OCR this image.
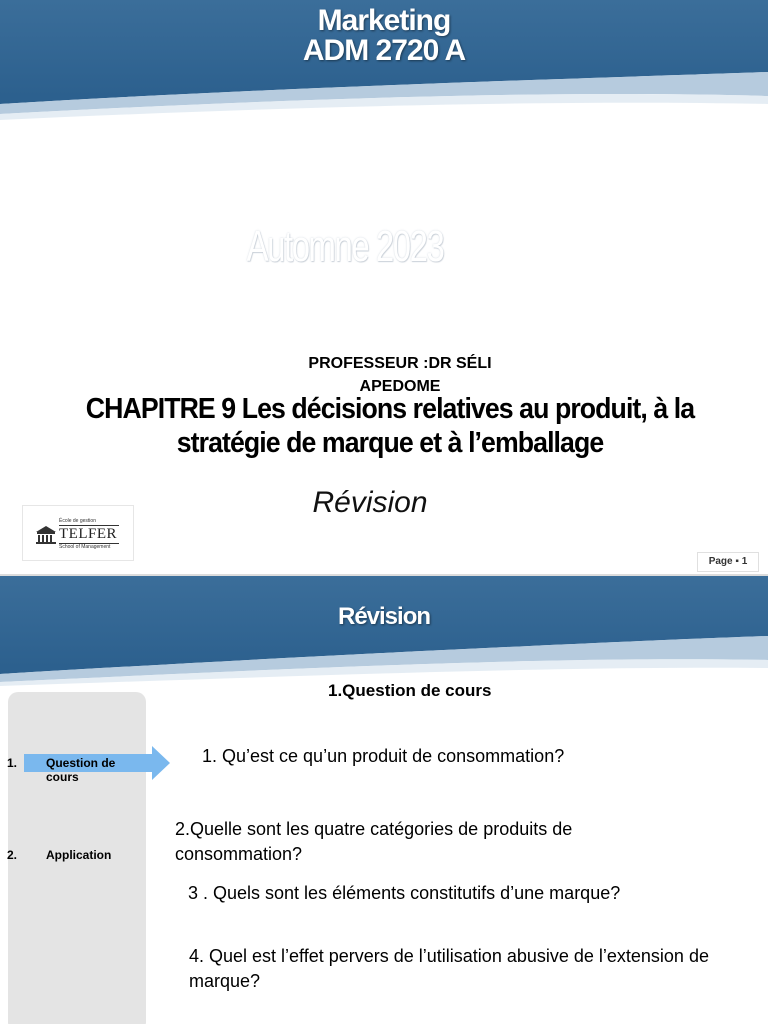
Marketing
ADM 2720 A
Automne 2023
PROFESSEUR :DR SÉLI APEDOME
CHAPITRE 9 Les décisions relatives au produit, à la stratégie de marque et à l’emballage
Révision
École de gestion
TELFER
School of Management
Page ▪ 1
Révision
1. Question de cours
2. Application
1.Question de cours
1. Qu’est ce qu’un produit de consommation?
2.Quelle sont les quatre catégories de produits de consommation?
3 . Quels sont les éléments constitutifs d’une marque?
4. Quel est l’effet pervers de l’utilisation abusive de l’extension de marque?
